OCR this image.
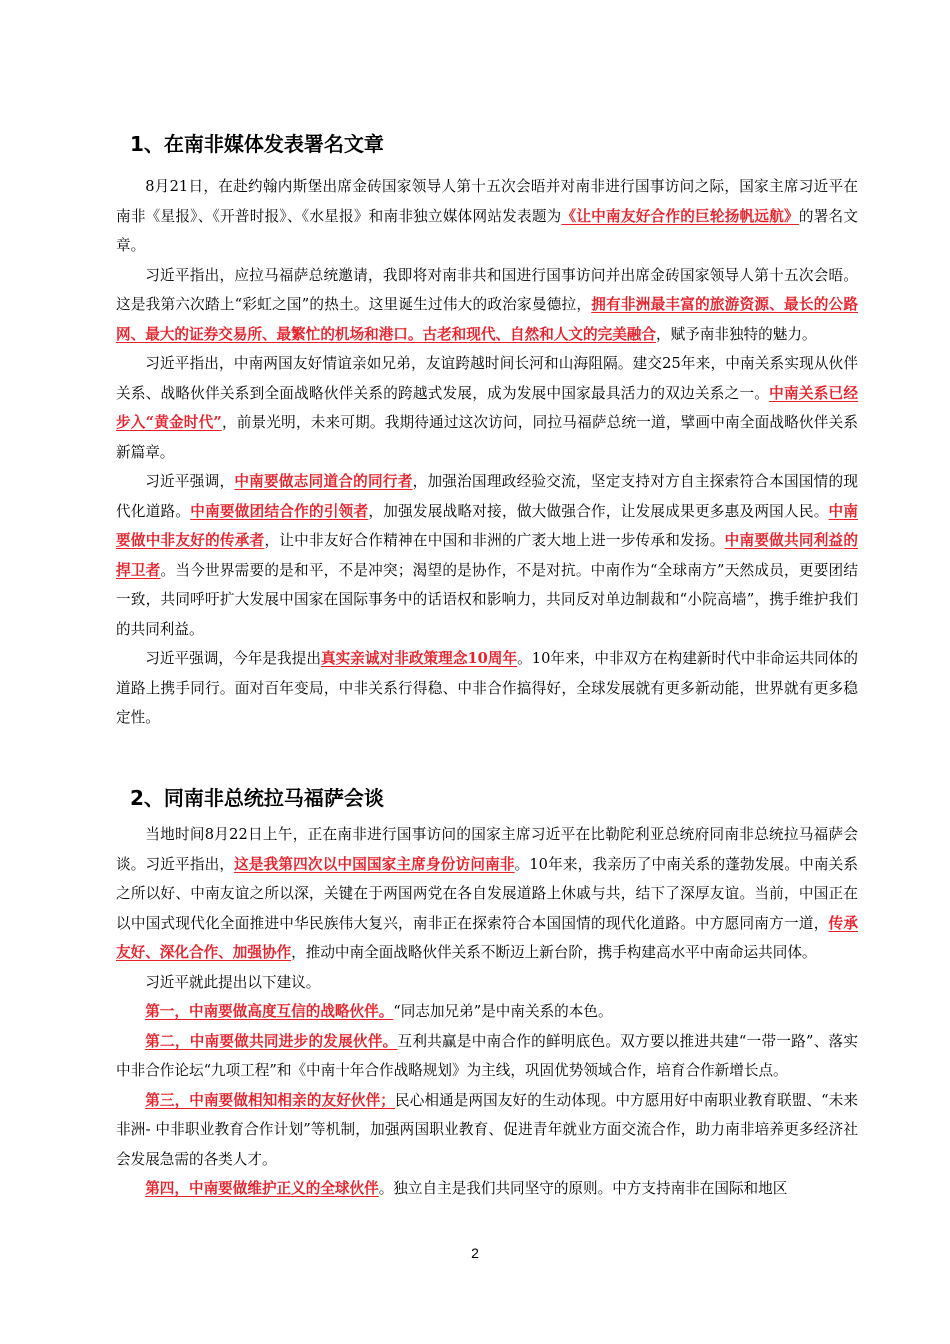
1、在南非媒体发表署名文章

8月21日，在赴约翰内斯堡出席金砖国家领导人第十五次会晤并对南非进行国事访问之际，国家主席习近平在南非《星报》、《开普时报》、《水星报》和南非独立媒体网站发表题为《让中南友好合作的巨轮扬帆远航》的署名文章。

习近平指出，应拉马福萨总统邀请，我即将对南非共和国进行国事访问并出席金砖国家领导人第十五次会晤。这是我第六次踏上“彩虹之国”的热土。这里诞生过伟大的政治家曼德拉，拥有非洲最丰富的旅游资源、最长的公路网、最大的证券交易所、最繁忙的机场和港口。古老和现代、自然和人文的完美融合，赋予南非独特的魅力。

习近平指出，中南两国友好情谊亲如兄弟，友谊跨越时间长河和山海阻隔。建交25年来，中南关系实现从伙伴关系、战略伙伴关系到全面战略伙伴关系的跨越式发展，成为发展中国家最具活力的双边关系之一。中南关系已经步入“黄金时代”，前景光明，未来可期。我期待通过这次访问，同拉马福萨总统一道，擘画中南全面战略伙伴关系新篇章。

习近平强调，中南要做志同道合的同行者，加强治国理政经验交流，坚定支持对方自主探索符合本国国情的现代化道路。中南要做团结合作的引领者，加强发展战略对接，做大做强合作，让发展成果更多惠及两国人民。中南要做中非友好的传承者，让中非友好合作精神在中国和非洲的广袤大地上进一步传承和发扬。中南要做共同利益的捍卫者。当今世界需要的是和平，不是冲突；渴望的是协作，不是对抗。中南作为“全球南方”天然成员，更要团结一致，共同呼吁扩大发展中国家在国际事务中的话语权和影响力，共同反对单边制裁和“小院高墙”，携手维护我们的共同利益。

习近平强调，今年是我提出真实亲诚对非政策理念10周年。10年来，中非双方在构建新时代中非命运共同体的道路上携手同行。面对百年变局，中非关系行得稳、中非合作搞得好，全球发展就有更多新动能，世界就有更多稳定性。

2、同南非总统拉马福萨会谈

当地时间8月22日上午，正在南非进行国事访问的国家主席习近平在比勒陀利亚总统府同南非总统拉马福萨会谈。习近平指出，这是我第四次以中国国家主席身份访问南非。10年来，我亲历了中南关系的蓬勃发展。中南关系之所以好、中南友谊之所以深，关键在于两国两党在各自发展道路上休戚与共，结下了深厚友谊。当前，中国正在以中国式现代化全面推进中华民族伟大复兴，南非正在探索符合本国国情的现代化道路。中方愿同南方一道，传承友好、深化合作、加强协作，推动中南全面战略伙伴关系不断迈上新台阶，携手构建高水平中南命运共同体。

习近平就此提出以下建议。

第一，中南要做高度互信的战略伙伴。“同志加兄弟”是中南关系的本色。

第二，中南要做共同进步的发展伙伴。互利共赢是中南合作的鲜明底色。双方要以推进共建“一带一路”、落实中非合作论坛“九项工程”和《中南十年合作战略规划》为主线，巩固优势领域合作，培育合作新增长点。

第三，中南要做相知相亲的友好伙伴；民心相通是两国友好的生动体现。中方愿用好中南职业教育联盟、“未来非洲- 中非职业教育合作计划”等机制，加强两国职业教育、促进青年就业方面交流合作，助力南非培养更多经济社会发展急需的各类人才。

第四，中南要做维护正义的全球伙伴。独立自主是我们共同坚守的原则。中方支持南非在国际和地区

2
